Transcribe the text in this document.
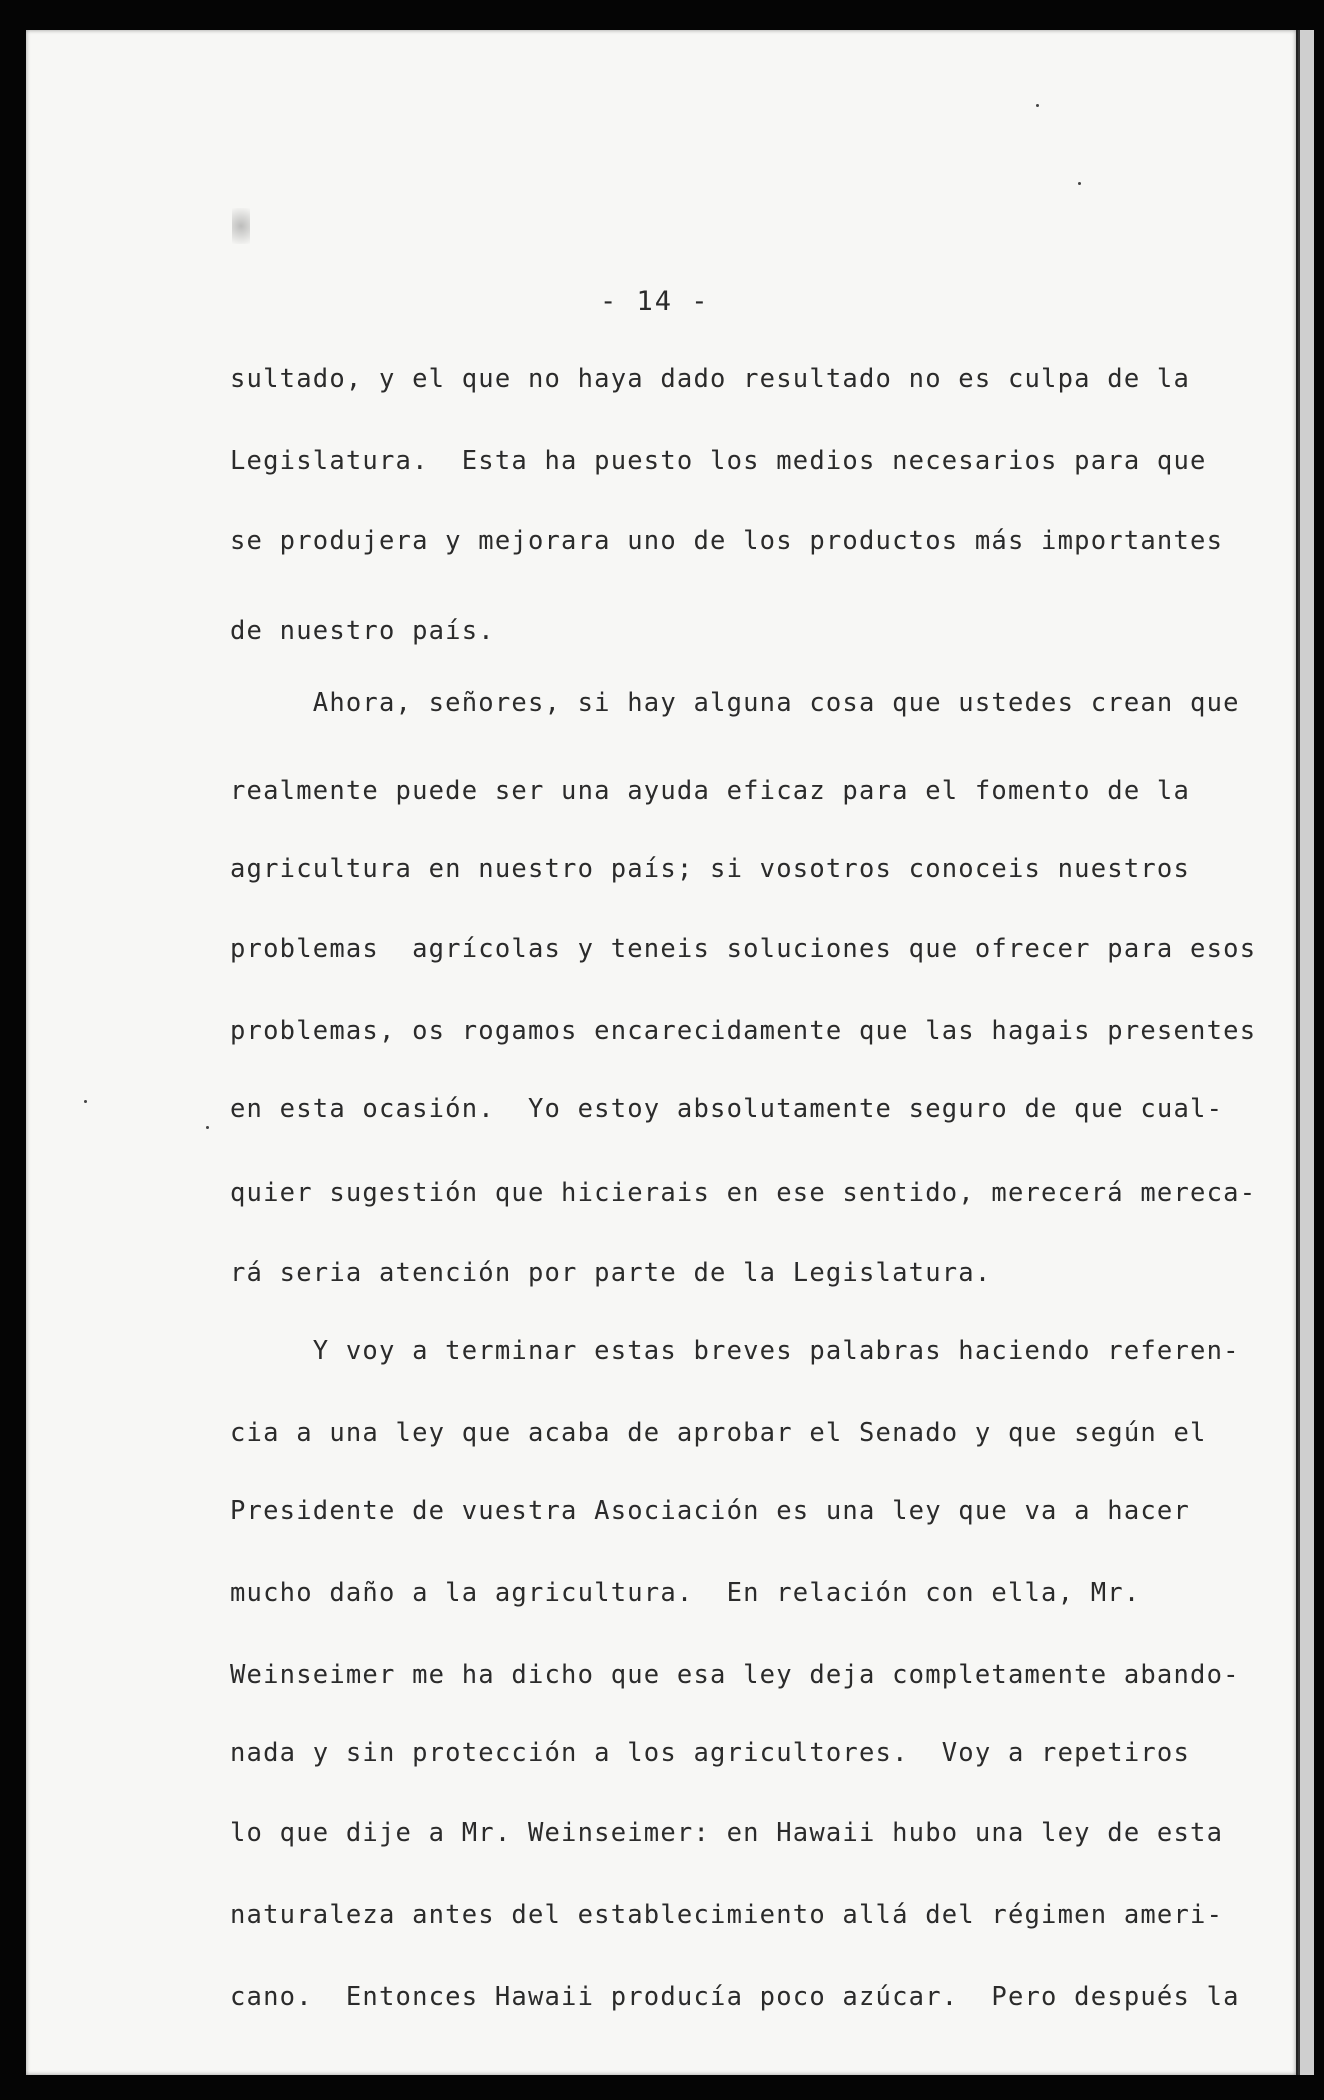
- 14 -
sultado, y el que no haya dado resultado no es culpa de la
Legislatura.  Esta ha puesto los medios necesarios para que
se produjera y mejorara uno de los productos más importantes
de nuestro país.
Ahora, señores, si hay alguna cosa que ustedes crean que
realmente puede ser una ayuda eficaz para el fomento de la
agricultura en nuestro país; si vosotros conoceis nuestros
problemas  agrícolas y teneis soluciones que ofrecer para esos
problemas, os rogamos encarecidamente que las hagais presentes
en esta ocasión.  Yo estoy absolutamente seguro de que cual-
quier sugestión que hicierais en ese sentido, merecerá mereca-
rá seria atención por parte de la Legislatura.
Y voy a terminar estas breves palabras haciendo referen-
cia a una ley que acaba de aprobar el Senado y que según el
Presidente de vuestra Asociación es una ley que va a hacer
mucho daño a la agricultura.  En relación con ella, Mr.
Weinseimer me ha dicho que esa ley deja completamente abando-
nada y sin protección a los agricultores.  Voy a repetiros
lo que dije a Mr. Weinseimer: en Hawaii hubo una ley de esta
naturaleza antes del establecimiento allá del régimen ameri-
cano.  Entonces Hawaii producía poco azúcar.  Pero después la
